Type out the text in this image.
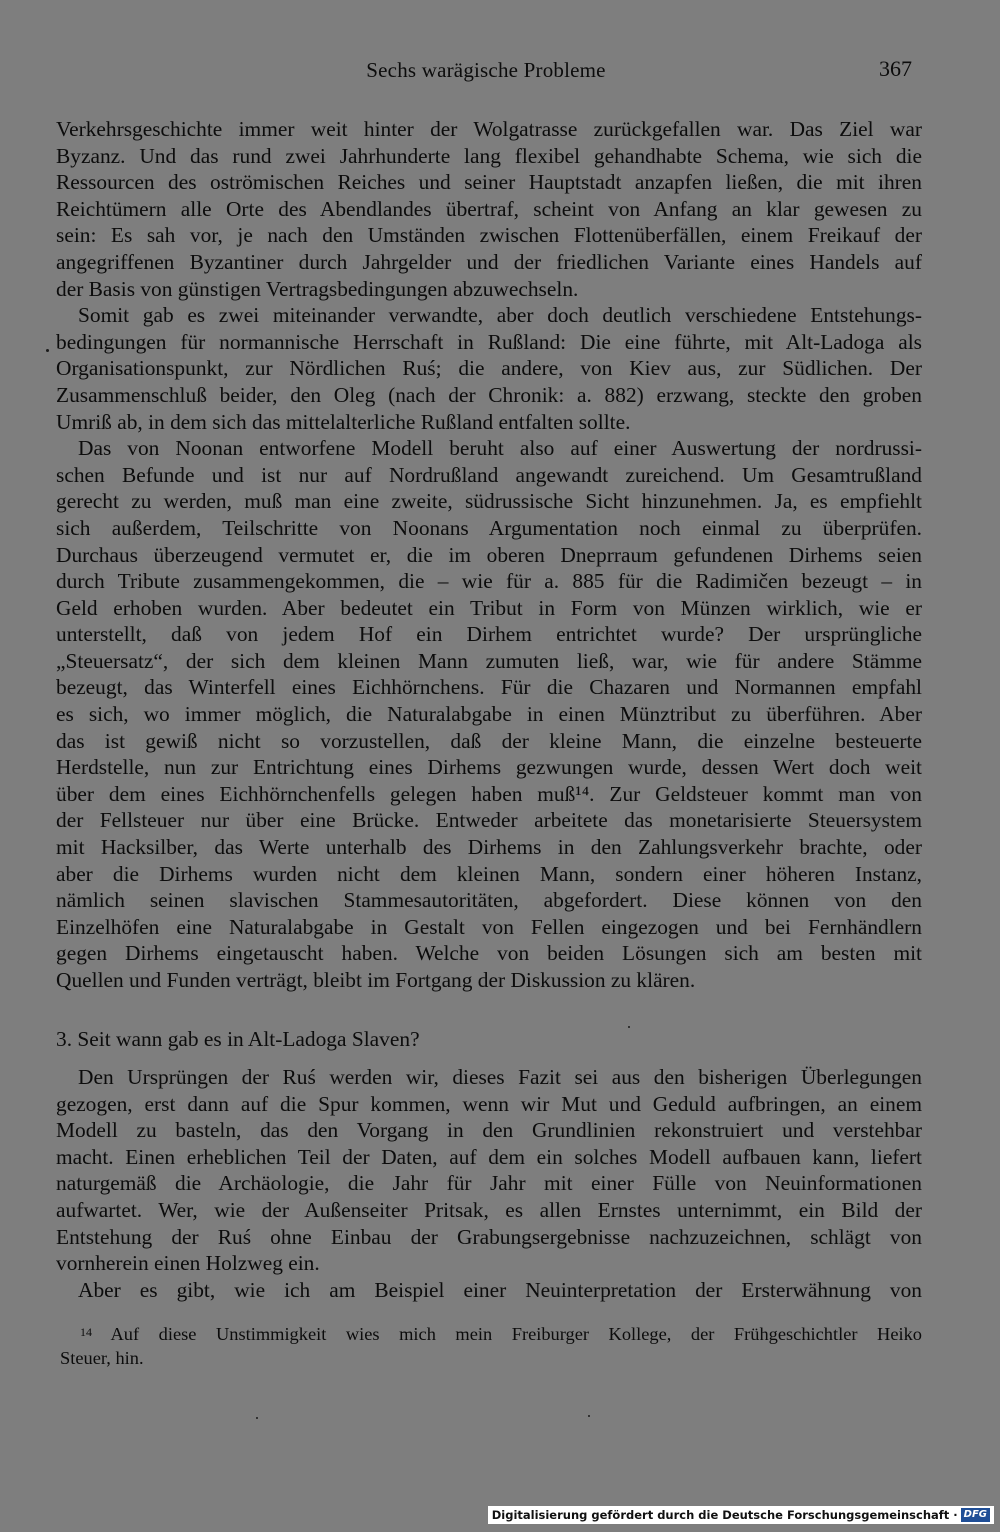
Sechs warägische Probleme	367
Verkehrsgeschichte immer weit hinter der Wolgatrasse zurückgefallen war. Das Ziel war
Byzanz. Und das rund zwei Jahrhunderte lang flexibel gehandhabte Schema, wie sich die
Ressourcen des oströmischen Reiches und seiner Hauptstadt anzapfen ließen, die mit ihren
Reichtümern alle Orte des Abendlandes übertraf, scheint von Anfang an klar gewesen zu
sein: Es sah vor, je nach den Umständen zwischen Flottenüberfällen, einem Freikauf der
angegriffenen Byzantiner durch Jahrgelder und der friedlichen Variante eines Handels auf
der Basis von günstigen Vertragsbedingungen abzuwechseln.
Somit gab es zwei miteinander verwandte, aber doch deutlich verschiedene Entstehungs-
bedingungen für normannische Herrschaft in Rußland: Die eine führte, mit Alt-Ladoga als
Organisationspunkt, zur Nördlichen Ruś; die andere, von Kiev aus, zur Südlichen. Der
Zusammenschluß beider, den Oleg (nach der Chronik: a. 882) erzwang, steckte den groben
Umriß ab, in dem sich das mittelalterliche Rußland entfalten sollte.
Das von Noonan entworfene Modell beruht also auf einer Auswertung der nordrussi-
schen Befunde und ist nur auf Nordrußland angewandt zureichend. Um Gesamtrußland
gerecht zu werden, muß man eine zweite, südrussische Sicht hinzunehmen. Ja, es empfiehlt
sich außerdem, Teilschritte von Noonans Argumentation noch einmal zu überprüfen.
Durchaus überzeugend vermutet er, die im oberen Dneprraum gefundenen Dirhems seien
durch Tribute zusammengekommen, die – wie für a. 885 für die Radimičen bezeugt – in
Geld erhoben wurden. Aber bedeutet ein Tribut in Form von Münzen wirklich, wie er
unterstellt, daß von jedem Hof ein Dirhem entrichtet wurde? Der ursprüngliche
„Steuersatz“, der sich dem kleinen Mann zumuten ließ, war, wie für andere Stämme
bezeugt, das Winterfell eines Eichhörnchens. Für die Chazaren und Normannen empfahl
es sich, wo immer möglich, die Naturalabgabe in einen Münztribut zu überführen. Aber
das ist gewiß nicht so vorzustellen, daß der kleine Mann, die einzelne besteuerte
Herdstelle, nun zur Entrichtung eines Dirhems gezwungen wurde, dessen Wert doch weit
über dem eines Eichhörnchenfells gelegen haben muß¹⁴. Zur Geldsteuer kommt man von
der Fellsteuer nur über eine Brücke. Entweder arbeitete das monetarisierte Steuersystem
mit Hacksilber, das Werte unterhalb des Dirhems in den Zahlungsverkehr brachte, oder
aber die Dirhems wurden nicht dem kleinen Mann, sondern einer höheren Instanz,
nämlich seinen slavischen Stammesautoritäten, abgefordert. Diese können von den
Einzelhöfen eine Naturalabgabe in Gestalt von Fellen eingezogen und bei Fernhändlern
gegen Dirhems eingetauscht haben. Welche von beiden Lösungen sich am besten mit
Quellen und Funden verträgt, bleibt im Fortgang der Diskussion zu klären.
3. Seit wann gab es in Alt-Ladoga Slaven?
Den Ursprüngen der Ruś werden wir, dieses Fazit sei aus den bisherigen Überlegungen
gezogen, erst dann auf die Spur kommen, wenn wir Mut und Geduld aufbringen, an einem
Modell zu basteln, das den Vorgang in den Grundlinien rekonstruiert und verstehbar
macht. Einen erheblichen Teil der Daten, auf dem ein solches Modell aufbauen kann, liefert
naturgemäß die Archäologie, die Jahr für Jahr mit einer Fülle von Neuinformationen
aufwartet. Wer, wie der Außenseiter Pritsak, es allen Ernstes unternimmt, ein Bild der
Entstehung der Ruś ohne Einbau der Grabungsergebnisse nachzuzeichnen, schlägt von
vornherein einen Holzweg ein.
Aber es gibt, wie ich am Beispiel einer Neuinterpretation der Ersterwähnung von
$^{14}$ Auf diese Unstimmigkeit wies mich mein Freiburger Kollege, der Frühgeschichtler Heiko
Steuer, hin.
Digitalisierung gefördert durch die Deutsche Forschungsgemeinschaft · DFG
